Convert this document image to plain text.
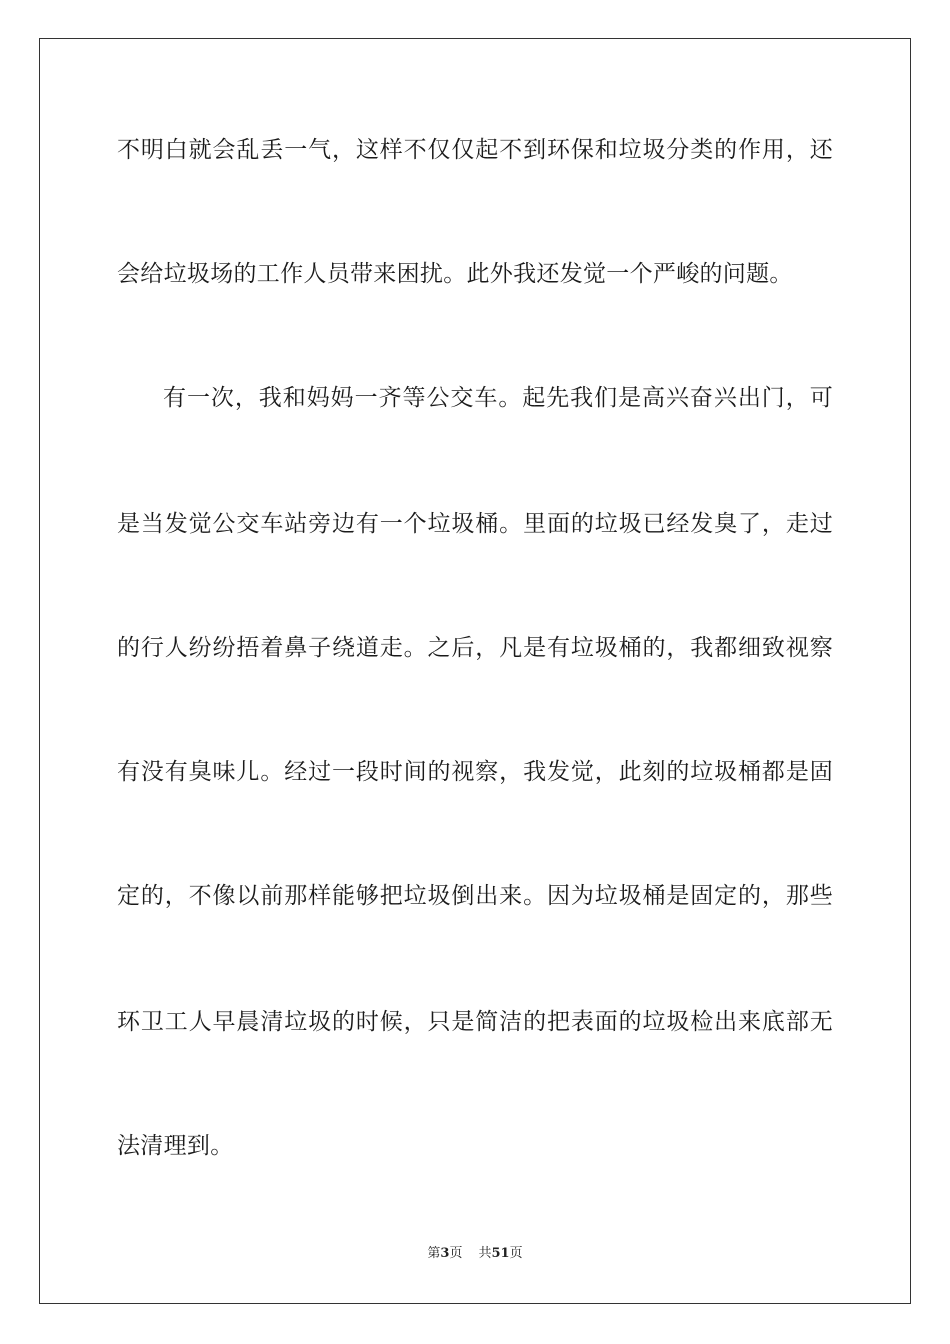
不明白就会乱丢一气，这样不仅仅起不到环保和垃圾分类的作用，还
会给垃圾场的工作人员带来困扰。此外我还发觉一个严峻的问题。
有一次，我和妈妈一齐等公交车。起先我们是高兴奋兴出门，可
是当发觉公交车站旁边有一个垃圾桶。里面的垃圾已经发臭了，走过
的行人纷纷捂着鼻子绕道走。之后，凡是有垃圾桶的，我都细致视察
有没有臭味儿。经过一段时间的视察，我发觉，此刻的垃圾桶都是固
定的，不像以前那样能够把垃圾倒出来。因为垃圾桶是固定的，那些
环卫工人早晨清垃圾的时候，只是简洁的把表面的垃圾检出来底部无
法清理到。
第3页 共51页
